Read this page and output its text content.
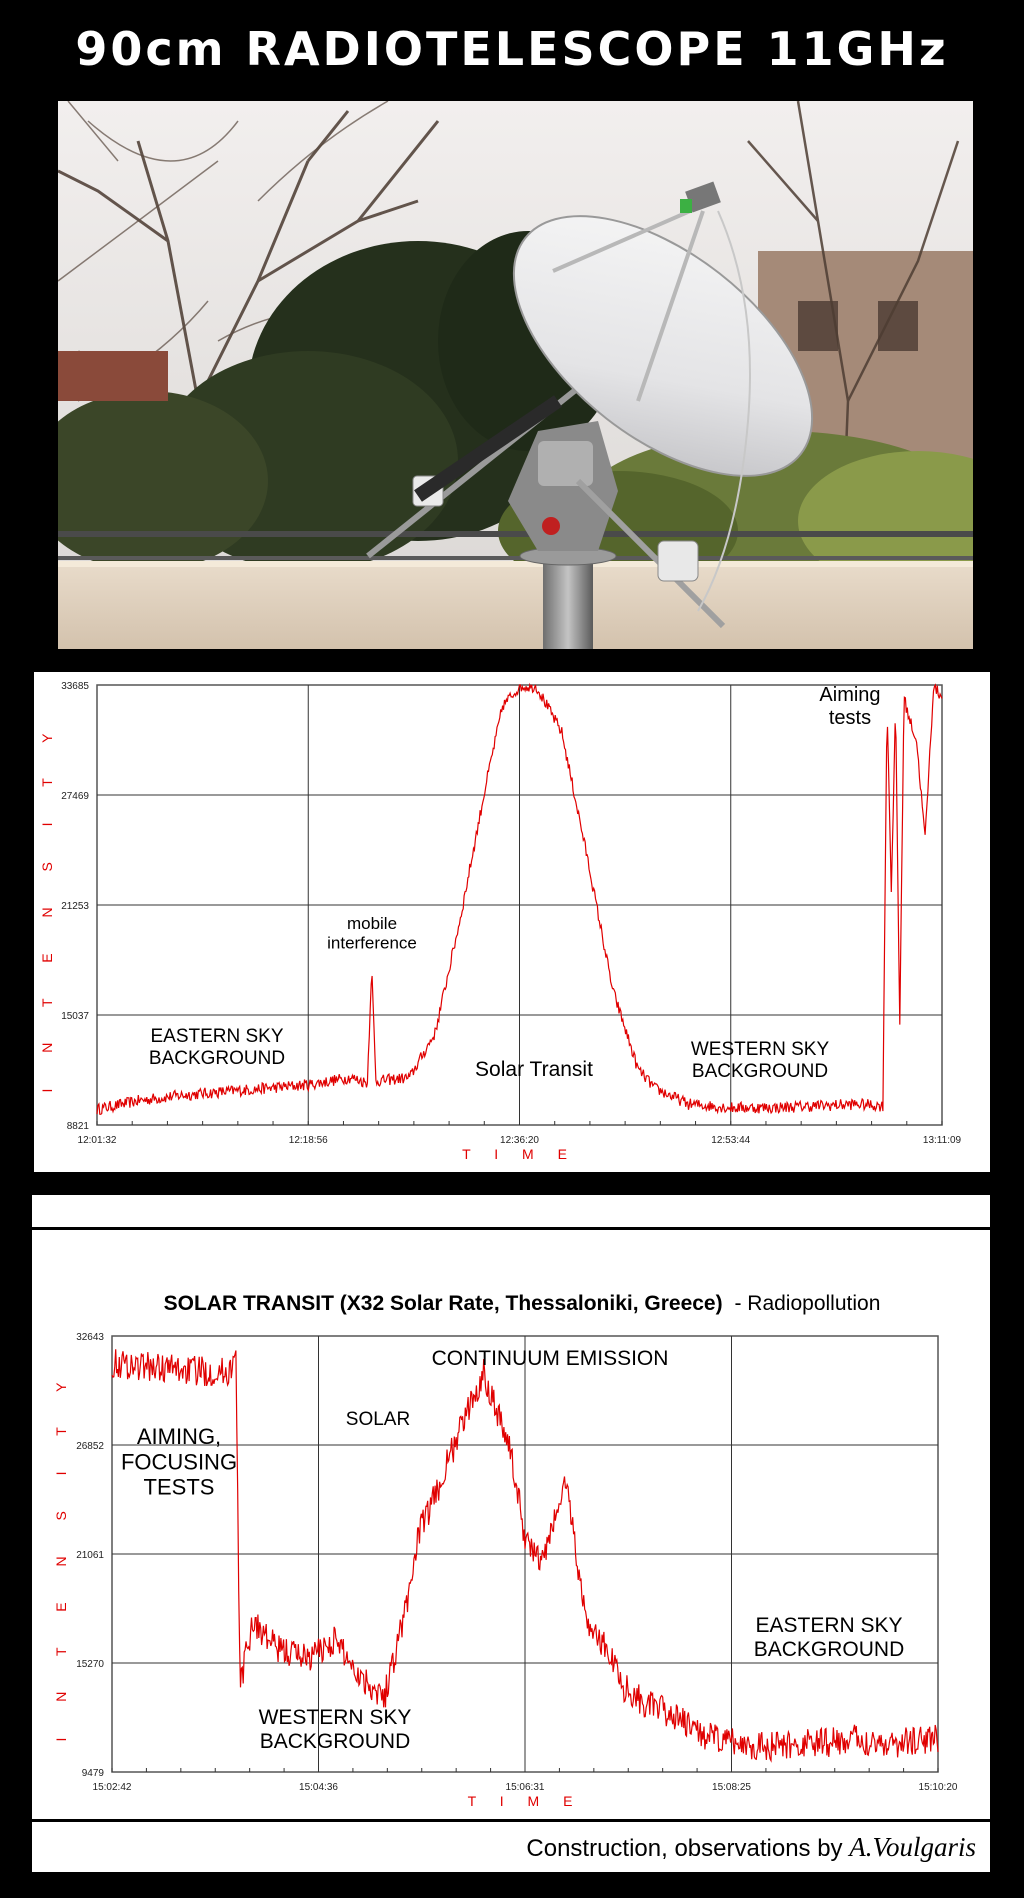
90cm RADIOTELESCOPE 11GHz
12:01:32	12:18:56	12:36:20	12:53:44	13:11:09
8821
15037
21253
27469
33685
EASTERN SKY BACKGROUND
mobile interference
Solar Transit
WESTERN SKY BACKGROUND
Aiming tests
T I M E
I N T E N S I T Y
SOLAR TRANSIT (X32 Solar Rate, Thessaloniki, Greece) - Radiopollution
15:02:42	15:04:36	15:06:31	15:08:25	15:10:20
9479
15270
21061
26852
32643
AIMING, FOCUSING TESTS
SOLAR
CONTINUUM EMISSION
WESTERN SKY BACKGROUND
EASTERN SKY BACKGROUND
T I M E
I N T E N S I T Y
Construction, observations by A.Voulgaris
